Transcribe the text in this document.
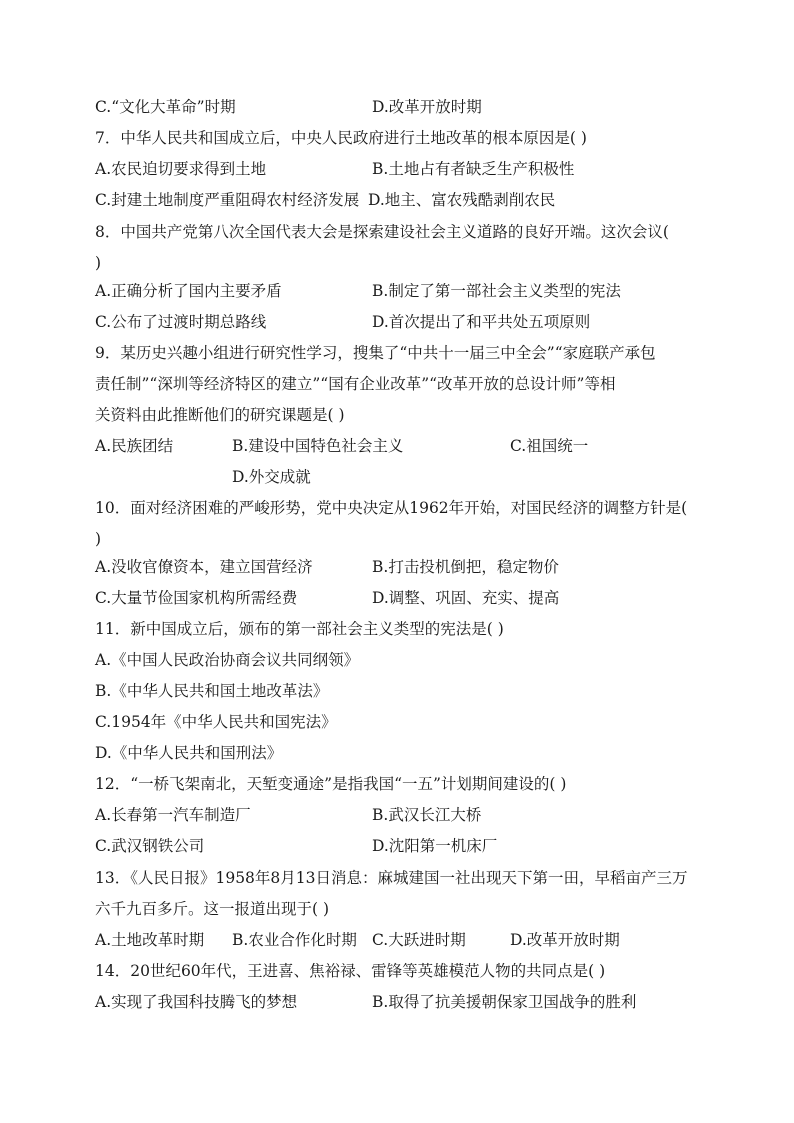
C.“文化大革命”时期	D.改革开放时期
7．中华人民共和国成立后，中央人民政府进行土地改革的根本原因是( )
A.农民迫切要求得到土地	B.土地占有者缺乏生产积极性
C.封建土地制度严重阻碍农村经济发展 D.地主、富农残酷剥削农民
8．中国共产党第八次全国代表大会是探索建设社会主义道路的良好开端。这次会议(
)
A.正确分析了国内主要矛盾	B.制定了第一部社会主义类型的宪法
C.公布了过渡时期总路线	D.首次提出了和平共处五项原则
9．某历史兴趣小组进行研究性学习，搜集了“中共十一届三中全会”“家庭联产承包
责任制”“深圳等经济特区的建立”“国有企业改革”“改革开放的总设计师”等相
关资料由此推断他们的研究课题是( )
A.民族团结	B.建设中国特色社会主义	C.祖国统一
D.外交成就
10．面对经济困难的严峻形势，党中央决定从1962年开始，对国民经济的调整方针是(
)
A.没收官僚资本，建立国营经济	B.打击投机倒把，稳定物价
C.大量节俭国家机构所需经费	D.调整、巩固、充实、提高
11．新中国成立后，颁布的第一部社会主义类型的宪法是( )
A.《中国人民政治协商会议共同纲领》
B.《中华人民共和国土地改革法》
C.1954年《中华人民共和国宪法》
D.《中华人民共和国刑法》
12．“一桥飞架南北，天堑变通途”是指我国“一五”计划期间建设的( )
A.长春第一汽车制造厂	B.武汉长江大桥
C.武汉钢铁公司	D.沈阳第一机床厂
13．《人民日报》1958年8月13日消息：麻城建国一社出现天下第一田，早稻亩产三万
六千九百多斤。这一报道出现于( )
A.土地改革时期 B.农业合作化时期 C.大跃进时期	D.改革开放时期
14．20世纪60年代，王进喜、焦裕禄、雷锋等英雄模范人物的共同点是( )
A.实现了我国科技腾飞的梦想	B.取得了抗美援朝保家卫国战争的胜利
